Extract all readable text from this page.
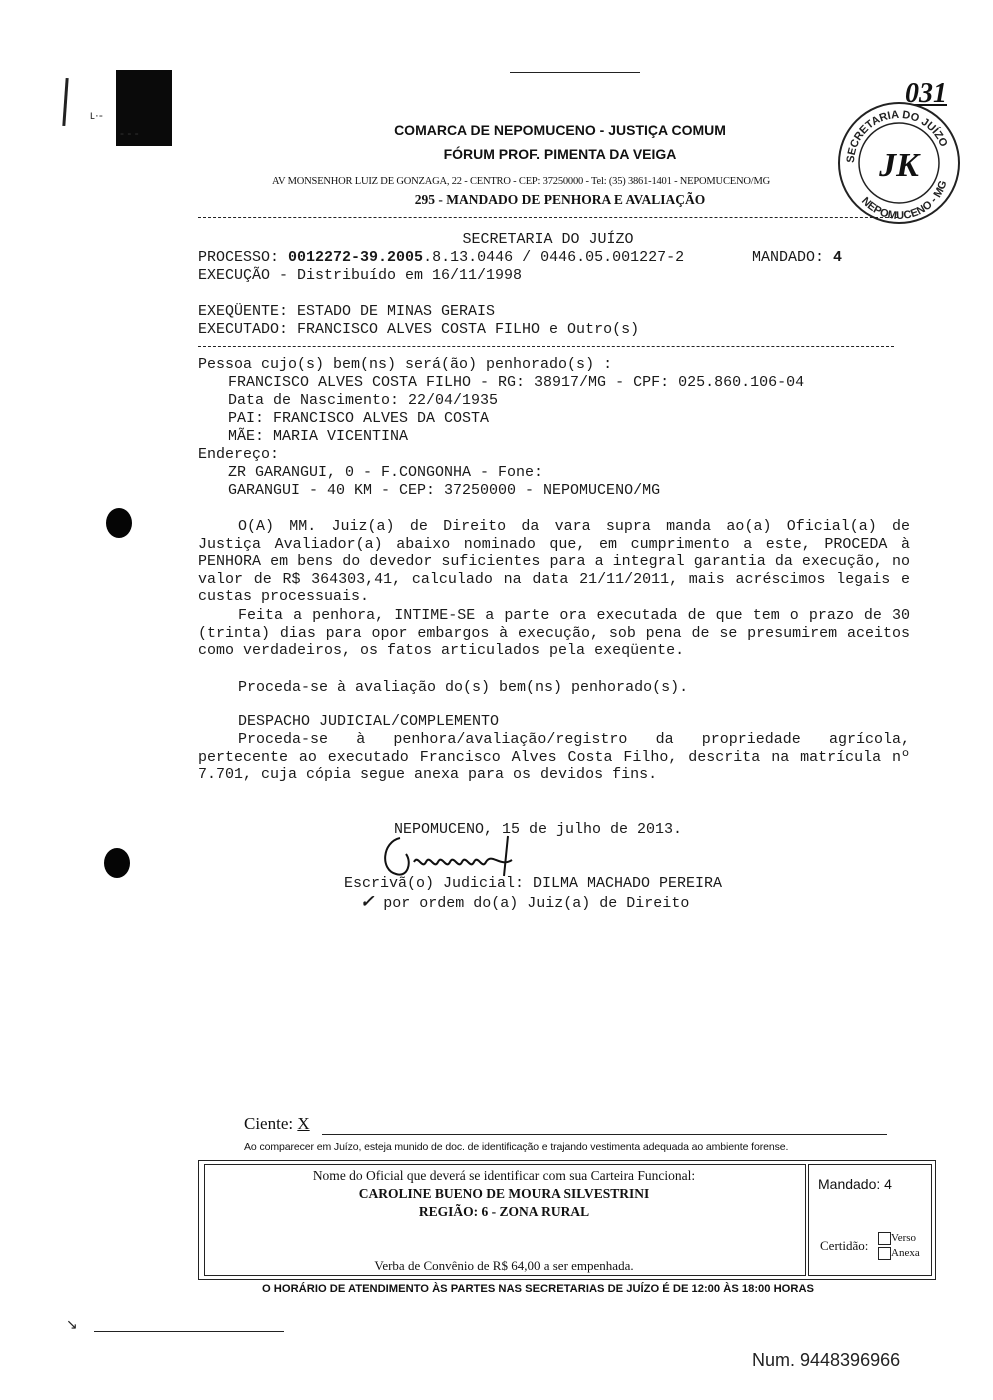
ʟ·-
- - -
031
COMARCA DE NEPOMUCENO - JUSTIÇA COMUM
FÓRUM PROF. PIMENTA DA VEIGA
AV MONSENHOR LUIZ DE GONZAGA, 22 - CENTRO - CEP: 37250000 - Tel: (35) 3861-1401 - NEPOMUCENO/MG
295 - MANDADO DE PENHORA E AVALIAÇÃO
SECRETARIA DO JUÍZO
NEPOMUCENO - MG
JK
SECRETARIA DO JUÍZO
PROCESSO: 0012272-39.2005.8.13.0446 / 0446.05.001227-2	MANDADO: 4
EXECUÇÃO - Distribuído em 16/11/1998
EXEQÜENTE: ESTADO DE MINAS GERAIS
EXECUTADO: FRANCISCO ALVES COSTA FILHO e Outro(s)
Pessoa cujo(s) bem(ns) será(ão) penhorado(s) :
FRANCISCO ALVES COSTA FILHO - RG: 38917/MG - CPF: 025.860.106-04
Data de Nascimento: 22/04/1935
PAI: FRANCISCO ALVES DA COSTA
MÃE: MARIA VICENTINA
Endereço:
ZR GARANGUI, 0 - F.CONGONHA - Fone:
GARANGUI - 40 KM - CEP: 37250000 - NEPOMUCENO/MG
O(A) MM. Juiz(a) de Direito da vara supra manda ao(a) Oficial(a) de Justiça Avaliador(a) abaixo nominado que, em cumprimento a este, PROCEDA à PENHORA em bens do devedor suficientes para a integral garantia da execução, no valor de R$ 364303,41, calculado na data 21/11/2011, mais acréscimos legais e custas processuais.
Feita a penhora, INTIME-SE a parte ora executada de que tem o prazo de 30 (trinta) dias para opor embargos à execução, sob pena de se presumirem aceitos como verdadeiros, os fatos articulados pela exeqüente.
Proceda-se à avaliação do(s) bem(ns) penhorado(s).
DESPACHO JUDICIAL/COMPLEMENTO
Proceda-se à penhora/avaliação/registro da propriedade agrícola, pertecente ao executado Francisco Alves Costa Filho, descrita na matrícula nº 7.701, cuja cópia segue anexa para os devidos fins.
NEPOMUCENO, 15 de julho de 2013.
Escrivã(o) Judicial: DILMA MACHADO PEREIRA
✓ por ordem do(a) Juiz(a) de Direito
Ciente: X
Ao comparecer em Juízo, esteja munido de doc. de identificação e trajando vestimenta adequada ao ambiente forense.
Nome do Oficial que deverá se identificar com sua Carteira Funcional:
CAROLINE BUENO DE MOURA SILVESTRINI
REGIÃO: 6 - ZONA RURAL
Verba de Convênio de R$ 64,00 a ser empenhada.
Mandado: 4
Certidão:	Verso
Anexa
O HORÁRIO DE ATENDIMENTO ÀS PARTES NAS SECRETARIAS DE JUÍZO É DE 12:00 ÀS 18:00 HORAS
↘
Num. 9448396966
